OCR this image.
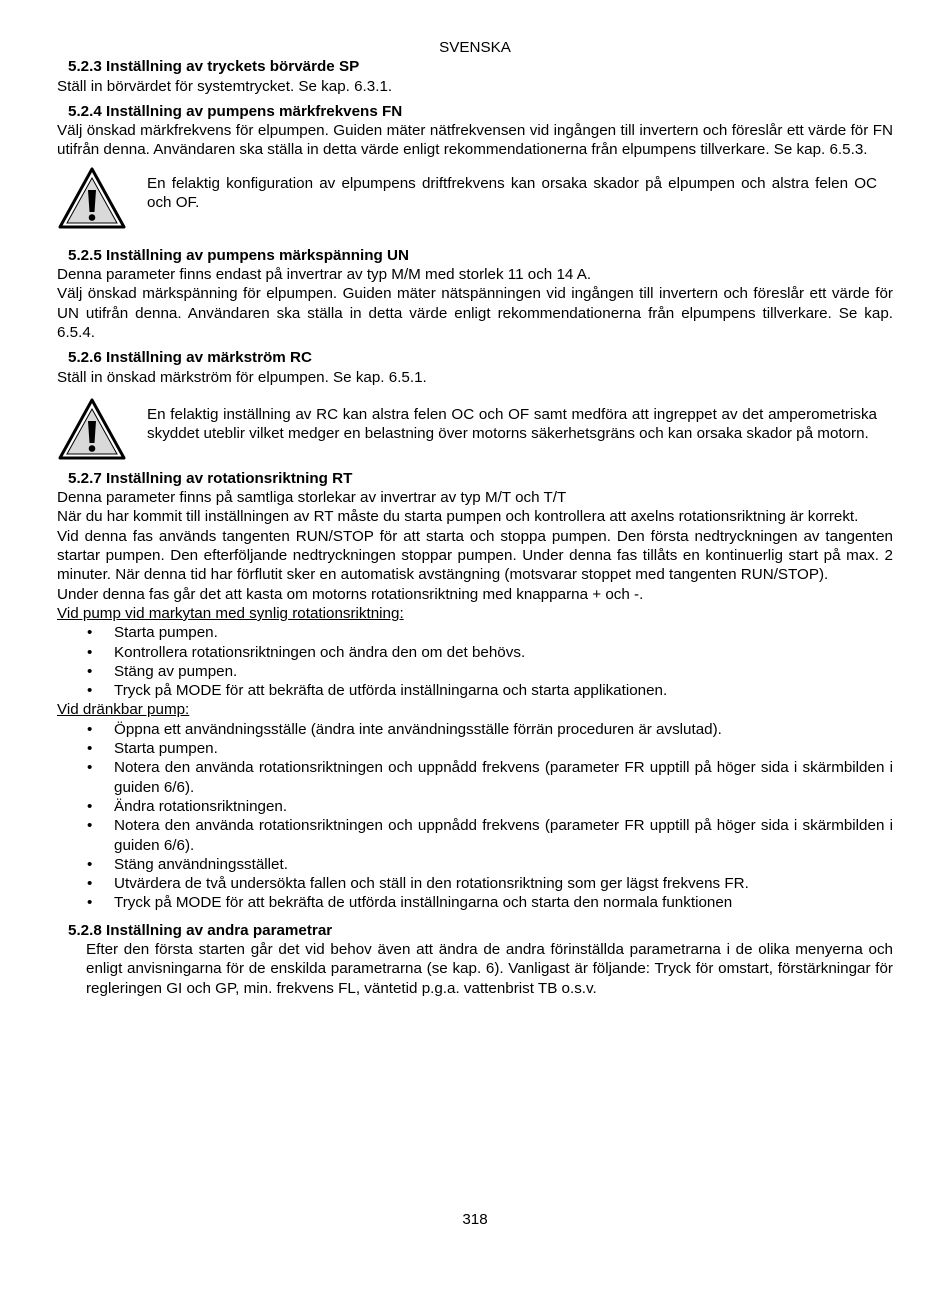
SVENSKA

5.2.3 Inställning av tryckets börvärde SP

Ställ in börvärdet för systemtrycket. Se kap. 6.3.1.

5.2.4 Inställning av pumpens märkfrekvens FN

Välj önskad märkfrekvens för elpumpen. Guiden mäter nätfrekvensen vid ingången till invertern och föreslår ett värde för FN utifrån denna. Användaren ska ställa in detta värde enligt rekommendationerna från elpumpens tillverkare. Se kap. 6.5.3.

En felaktig konfiguration av elpumpens driftfrekvens kan orsaka skador på elpumpen och alstra felen OC och OF.

5.2.5 Inställning av pumpens märkspänning UN

Denna parameter finns endast på invertrar av typ M/M med storlek 11 och 14 A.

Välj önskad märkspänning för elpumpen. Guiden mäter nätspänningen vid ingången till invertern och föreslår ett värde för UN utifrån denna. Användaren ska ställa in detta värde enligt rekommendationerna från elpumpens tillverkare. Se kap. 6.5.4.

5.2.6 Inställning av märkström RC

Ställ in önskad märkström för elpumpen. Se kap. 6.5.1.

En felaktig inställning av RC kan alstra felen OC och OF samt medföra att ingreppet av det amperometriska skyddet uteblir vilket medger en belastning över motorns säkerhetsgräns och kan orsaka skador på motorn.

5.2.7 Inställning av rotationsriktning RT

Denna parameter finns på samtliga storlekar av invertrar av typ M/T och T/T

När du har kommit till inställningen av RT måste du starta pumpen och kontrollera att axelns rotationsriktning är korrekt.

Vid denna fas används tangenten RUN/STOP för att starta och stoppa pumpen. Den första nedtryckningen av tangenten startar pumpen. Den efterföljande nedtryckningen stoppar pumpen. Under denna fas tillåts en kontinuerlig start på max. 2 minuter. När denna tid har förflutit sker en automatisk avstängning (motsvarar stoppet med tangenten RUN/STOP).

Under denna fas går det att kasta om motorns rotationsriktning med knapparna + och -.

Vid pump vid markytan med synlig rotationsriktning:

• Starta pumpen.
• Kontrollera rotationsriktningen och ändra den om det behövs.
• Stäng av pumpen.
• Tryck på MODE för att bekräfta de utförda inställningarna och starta applikationen.

Vid dränkbar pump:

• Öppna ett användningsställe (ändra inte användningsställe förrän proceduren är avslutad).
• Starta pumpen.
• Notera den använda rotationsriktningen och uppnådd frekvens (parameter FR upptill på höger sida i skärmbilden i guiden 6/6).
• Ändra rotationsriktningen.
• Notera den använda rotationsriktningen och uppnådd frekvens (parameter FR upptill på höger sida i skärmbilden i guiden 6/6).
• Stäng användningsstället.
• Utvärdera de två undersökta fallen och ställ in den rotationsriktning som ger lägst frekvens FR.
• Tryck på MODE för att bekräfta de utförda inställningarna och starta den normala funktionen
5.2.8 Inställning av andra parametrar

Efter den första starten går det vid behov även att ändra de andra förinställda parametrarna i de olika menyerna och enligt anvisningarna för de enskilda parametrarna (se kap. 6). Vanligast är följande: Tryck för omstart, förstärkningar för regleringen GI och GP, min. frekvens FL, väntetid p.g.a. vattenbrist TB o.s.v.

318
